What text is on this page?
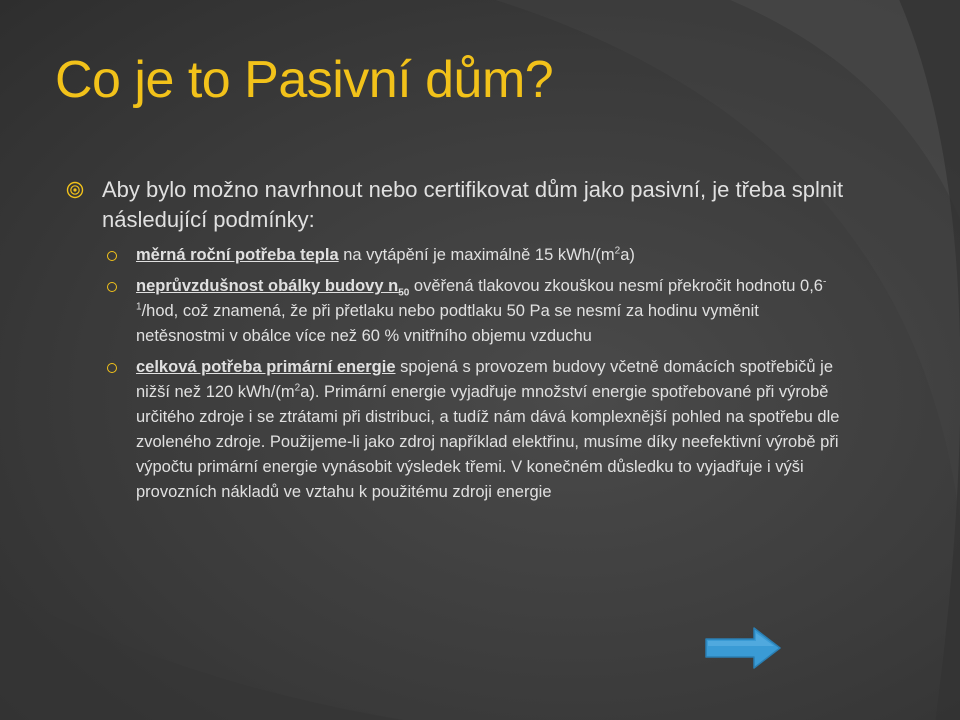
Co je to Pasivní dům?
Aby bylo možno navrhnout nebo certifikovat dům jako pasivní, je třeba splnit následující podmínky:
měrná roční potřeba tepla na vytápění je maximálně 15 kWh/$(m^2a)$
neprůvzdušnost obálky budovy $n_{50}$ ověřená tlakovou zkouškou nesmí překročit hodnotu $0,6^{-1}$/hod, což znamená, že při přetlaku nebo podtlaku 50 Pa se nesmí za hodinu vyměnit netěsnostmi v obálce více než 60 % vnitřního objemu vzduchu
celková potřeba primární energie spojená s provozem budovy včetně domácích spotřebičů je nižší než 120 kWh/$(m^2a)$. Primární energie vyjadřuje množství energie spotřebované při výrobě určitého zdroje i se ztrátami při distribuci, a tudíž nám dává komplexnější pohled na spotřebu dle zvoleného zdroje. Použijeme-li jako zdroj například elektřinu, musíme díky neefektivní výrobě při výpočtu primární energie vynásobit výsledek třemi. V konečném důsledku to vyjadřuje i výši provozních nákladů ve vztahu k použitému zdroji energie
